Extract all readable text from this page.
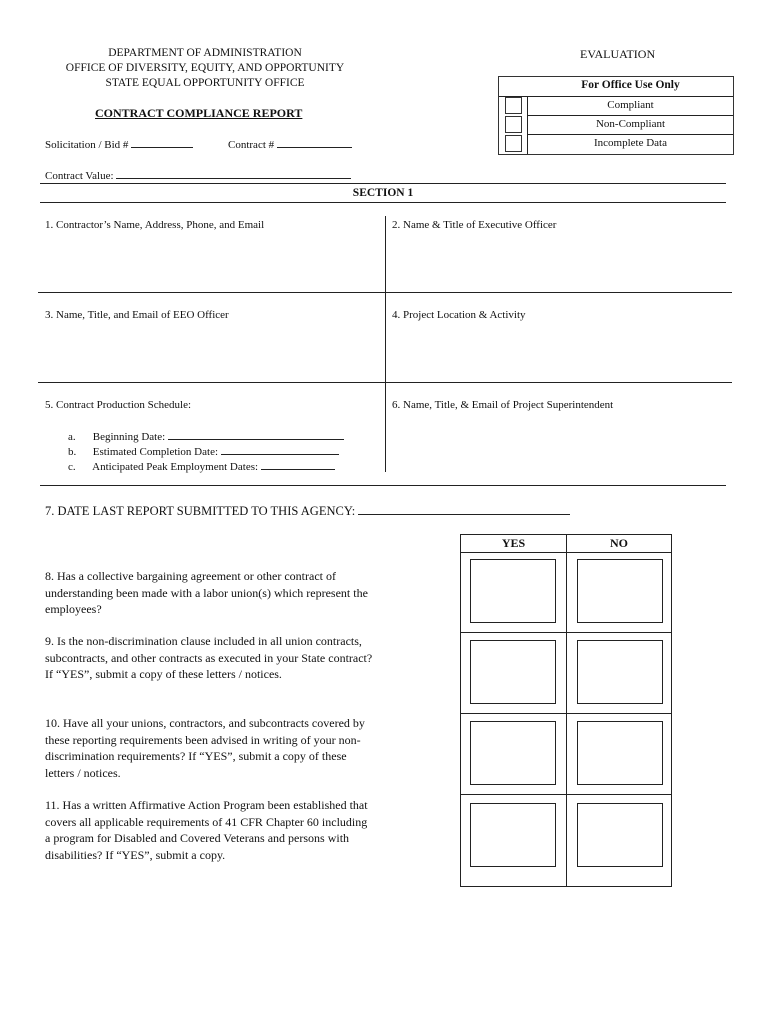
DEPARTMENT OF ADMINISTRATION
OFFICE OF DIVERSITY, EQUITY, AND OPPORTUNITY
STATE EQUAL OPPORTUNITY OFFICE
CONTRACT COMPLIANCE REPORT
Solicitation / Bid #	Contract #
Contract Value:
EVALUATION
For Office Use Only
Compliant
Non-Compliant
Incomplete Data
SECTION 1
1. Contractor’s Name, Address, Phone, and Email	2. Name & Title of Executive Officer
3. Name, Title, and Email of EEO Officer	4. Project Location & Activity
5. Contract Production Schedule:	6. Name, Title, & Email of Project Superintendent
a. Beginning Date:
b. Estimated Completion Date:
c. Anticipated Peak Employment Dates:
7. DATE LAST REPORT SUBMITTED TO THIS AGENCY:
YES	NO
8. Has a collective bargaining agreement or other contract of understanding been made with a labor union(s) which represent the employees?
9. Is the non-discrimination clause included in all union contracts, subcontracts, and other contracts as executed in your State contract? If “YES”, submit a copy of these letters / notices.
10. Have all your unions, contractors, and subcontracts covered by these reporting requirements been advised in writing of your non-discrimination requirements? If “YES”, submit a copy of these letters / notices.
11. Has a written Affirmative Action Program been established that covers all applicable requirements of 41 CFR Chapter 60 including a program for Disabled and Covered Veterans and persons with disabilities? If “YES”, submit a copy.
